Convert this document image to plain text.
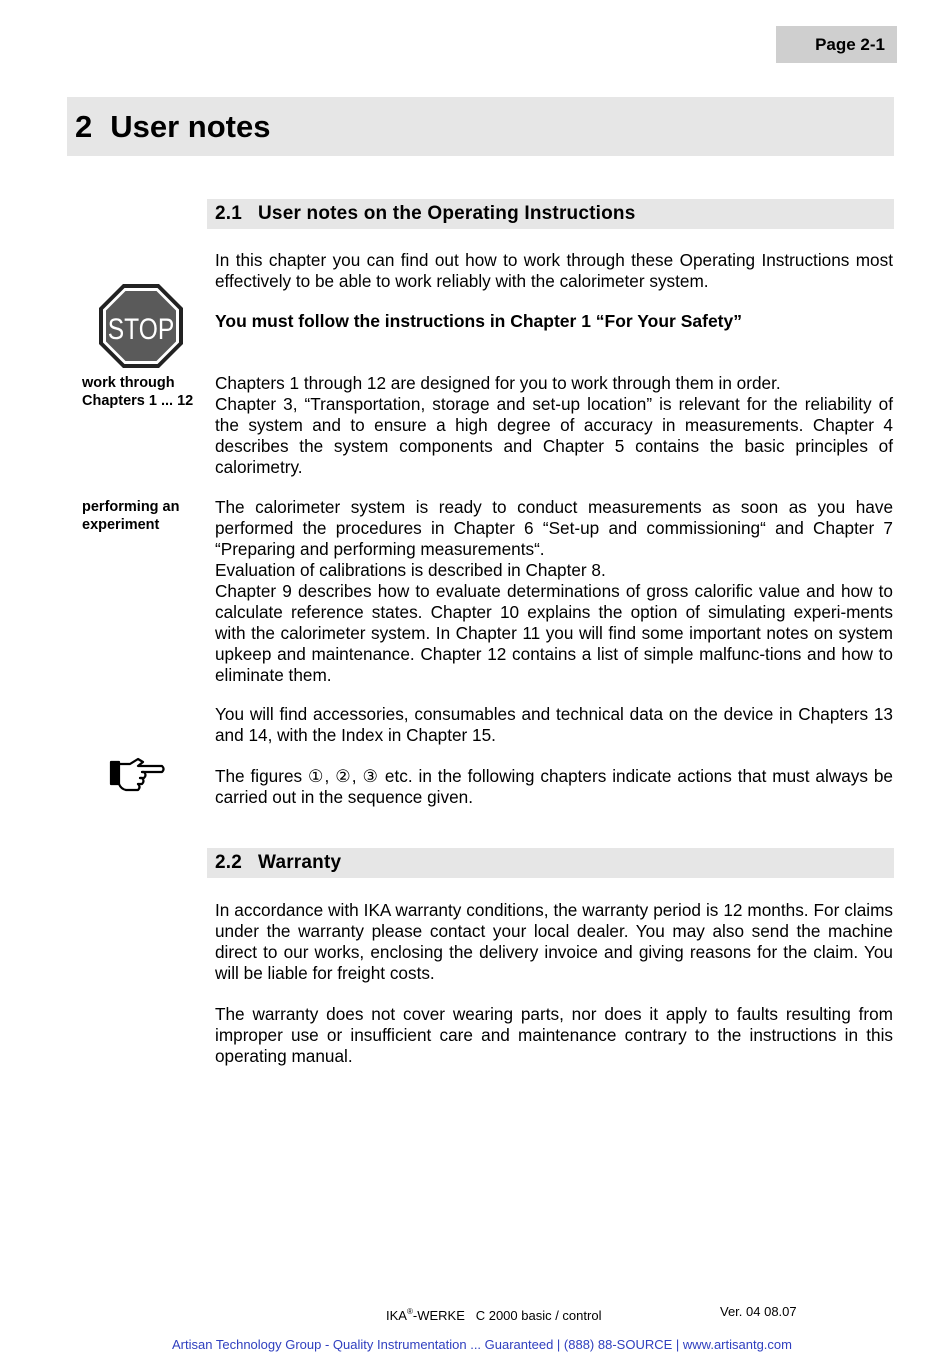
Page 2-1
2 User notes
2.1 User notes on the Operating Instructions

In this chapter you can find out how to work through these Operating Instructions most effectively to be able to work reliably with the calorimeter system.

STOP You must follow the instructions in Chapter 1 “For Your Safety”

work through Chapters 1 ... 12

Chapters 1 through 12 are designed for you to work through them in order.
Chapter 3, “Transportation, storage and set-up location” is relevant for the reliability of the system and to ensure a high degree of accuracy in measurements. Chapter 4 describes the system components and Chapter 5 contains the basic principles of calorimetry.

performing an experiment

The calorimeter system is ready to conduct measurements as soon as you have performed the procedures in Chapter 6 “Set-up and commissioning“ and Chapter 7 “Preparing and performing measurements“.
Evaluation of calibrations is described in Chapter 8.
Chapter 9 describes how to evaluate determinations of gross calorific value and how to calculate reference states. Chapter 10 explains the option of simulating experi-ments with the calorimeter system. In Chapter 11 you will find some important notes on system upkeep and maintenance. Chapter 12 contains a list of simple malfunc-tions and how to eliminate them.

You will find accessories, consumables and technical data on the device in Chapters 13 and 14, with the Index in Chapter 15.

The figures ①, ②, ③ etc. in the following chapters indicate actions that must always be carried out in the sequence given.

2.2 Warranty

In accordance with IKA warranty conditions, the warranty period is 12 months. For claims under the warranty please contact your local dealer. You may also send the machine direct to our works, enclosing the delivery invoice and giving reasons for the claim. You will be liable for freight costs.

The warranty does not cover wearing parts, nor does it apply to faults resulting from improper use or insufficient care and maintenance contrary to the instructions in this operating manual.

IKA®-WERKE C 2000 basic / control	Ver. 04 08.07
Artisan Technology Group - Quality Instrumentation ... Guaranteed | (888) 88-SOURCE | www.artisantg.com
